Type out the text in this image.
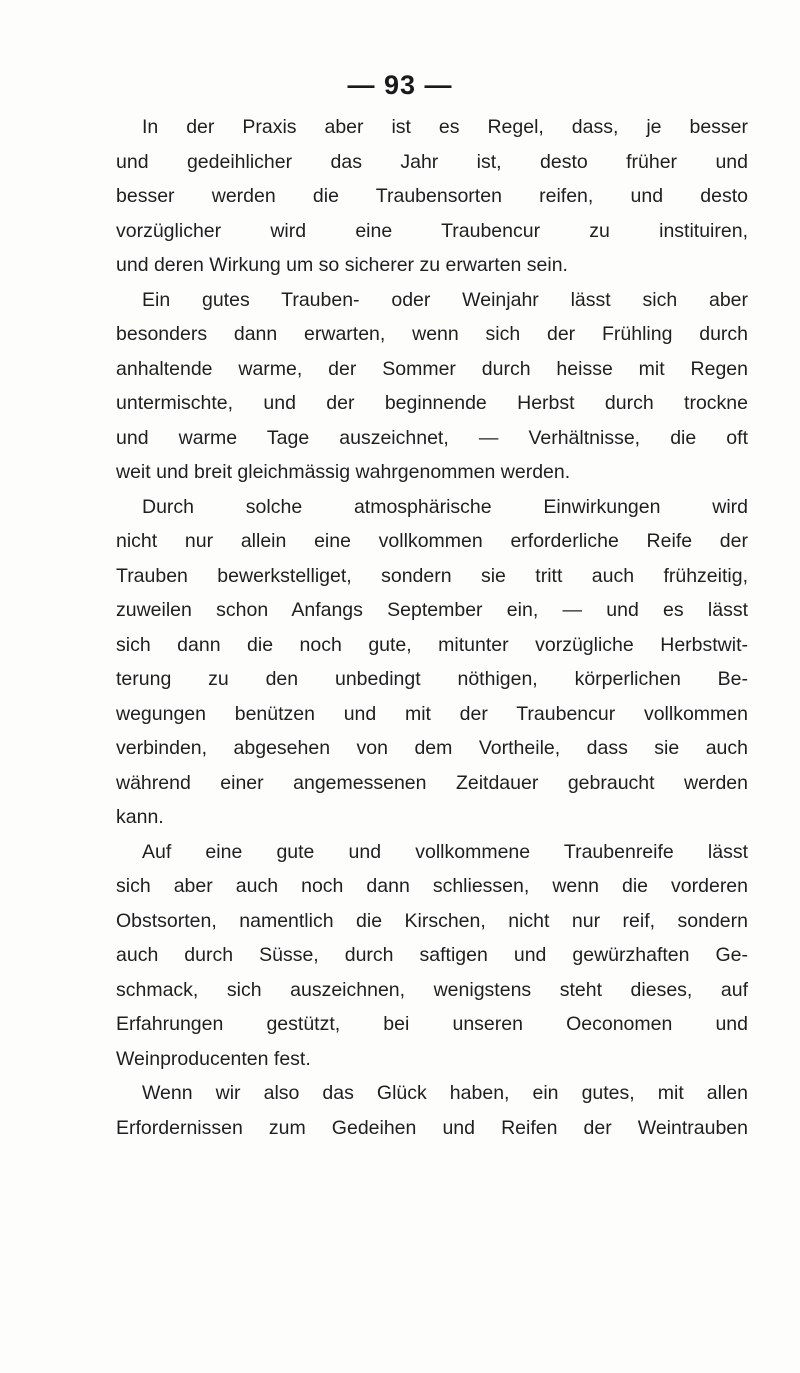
— 93 —
In der Praxis aber ist es Regel, dass, je besser
und gedeihlicher das Jahr ist, desto früher und
besser werden die Traubensorten reifen, und desto
vorzüglicher wird eine Traubencur zu instituiren,
und deren Wirkung um so sicherer zu erwarten sein.
Ein gutes Trauben- oder Weinjahr lässt sich aber
besonders dann erwarten, wenn sich der Frühling durch
anhaltende warme, der Sommer durch heisse mit Regen
untermischte, und der beginnende Herbst durch trockne
und warme Tage auszeichnet, — Verhältnisse, die oft
weit und breit gleichmässig wahrgenommen werden.
Durch solche atmosphärische Einwirkungen wird
nicht nur allein eine vollkommen erforderliche Reife der
Trauben bewerkstelliget, sondern sie tritt auch frühzeitig,
zuweilen schon Anfangs September ein, — und es lässt
sich dann die noch gute, mitunter vorzügliche Herbstwit-
terung zu den unbedingt nöthigen, körperlichen Be-
wegungen benützen und mit der Traubencur vollkommen
verbinden, abgesehen von dem Vortheile, dass sie auch
während einer angemessenen Zeitdauer gebraucht werden
kann.
Auf eine gute und vollkommene Traubenreife lässt
sich aber auch noch dann schliessen, wenn die vorderen
Obstsorten, namentlich die Kirschen, nicht nur reif, sondern
auch durch Süsse, durch saftigen und gewürzhaften Ge-
schmack, sich auszeichnen, wenigstens steht dieses, auf
Erfahrungen gestützt, bei unseren Oeconomen und
Weinproducenten fest.
Wenn wir also das Glück haben, ein gutes, mit allen
Erfordernissen zum Gedeihen und Reifen der Weintrauben
